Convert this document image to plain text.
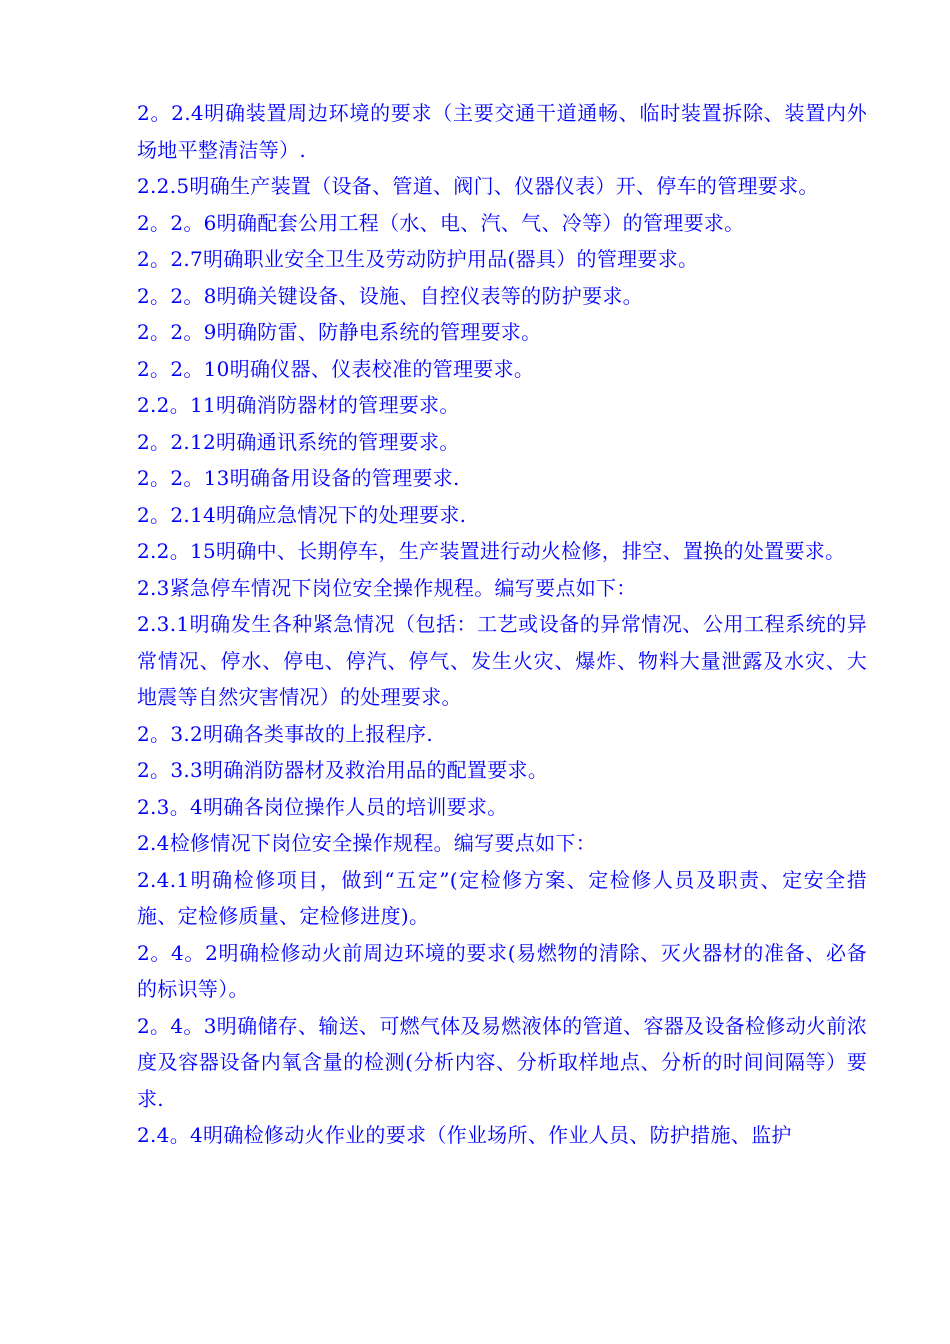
2。2.4明确装置周边环境的要求（主要交通干道通畅、临时装置拆除、装置内外场地平整清洁等）.

2.2.5明确生产装置（设备、管道、阀门、仪器仪表）开、停车的管理要求。

2。2。6明确配套公用工程（水、电、汽、气、冷等）的管理要求。

2。2.7明确职业安全卫生及劳动防护用品(器具）的管理要求。

2。2。8明确关键设备、设施、自控仪表等的防护要求。

2。2。9明确防雷、防静电系统的管理要求。

2。2。10明确仪器、仪表校准的管理要求。

2.2。11明确消防器材的管理要求。

2。2.12明确通讯系统的管理要求。

2。2。13明确备用设备的管理要求.

2。2.14明确应急情况下的处理要求.

2.2。15明确中、长期停车，生产装置进行动火检修，排空、置换的处置要求。

2.3紧急停车情况下岗位安全操作规程。编写要点如下：

2.3.1明确发生各种紧急情况（包括：工艺或设备的异常情况、公用工程系统的异常情况、停水、停电、停汽、停气、发生火灾、爆炸、物料大量泄露及水灾、大地震等自然灾害情况）的处理要求。

2。3.2明确各类事故的上报程序.

2。3.3明确消防器材及救治用品的配置要求。

2.3。4明确各岗位操作人员的培训要求。

2.4检修情况下岗位安全操作规程。编写要点如下：

2.4.1明确检修项目，做到“五定”(定检修方案、定检修人员及职责、定安全措施、定检修质量、定检修进度)。

2。4。2明确检修动火前周边环境的要求(易燃物的清除、灭火器材的准备、必备的标识等）。

2。4。3明确储存、输送、可燃气体及易燃液体的管道、容器及设备检修动火前浓度及容器设备内氧含量的检测(分析内容、分析取样地点、分析的时间间隔等）要求.

2.4。4明确检修动火作业的要求（作业场所、作业人员、防护措施、监护
